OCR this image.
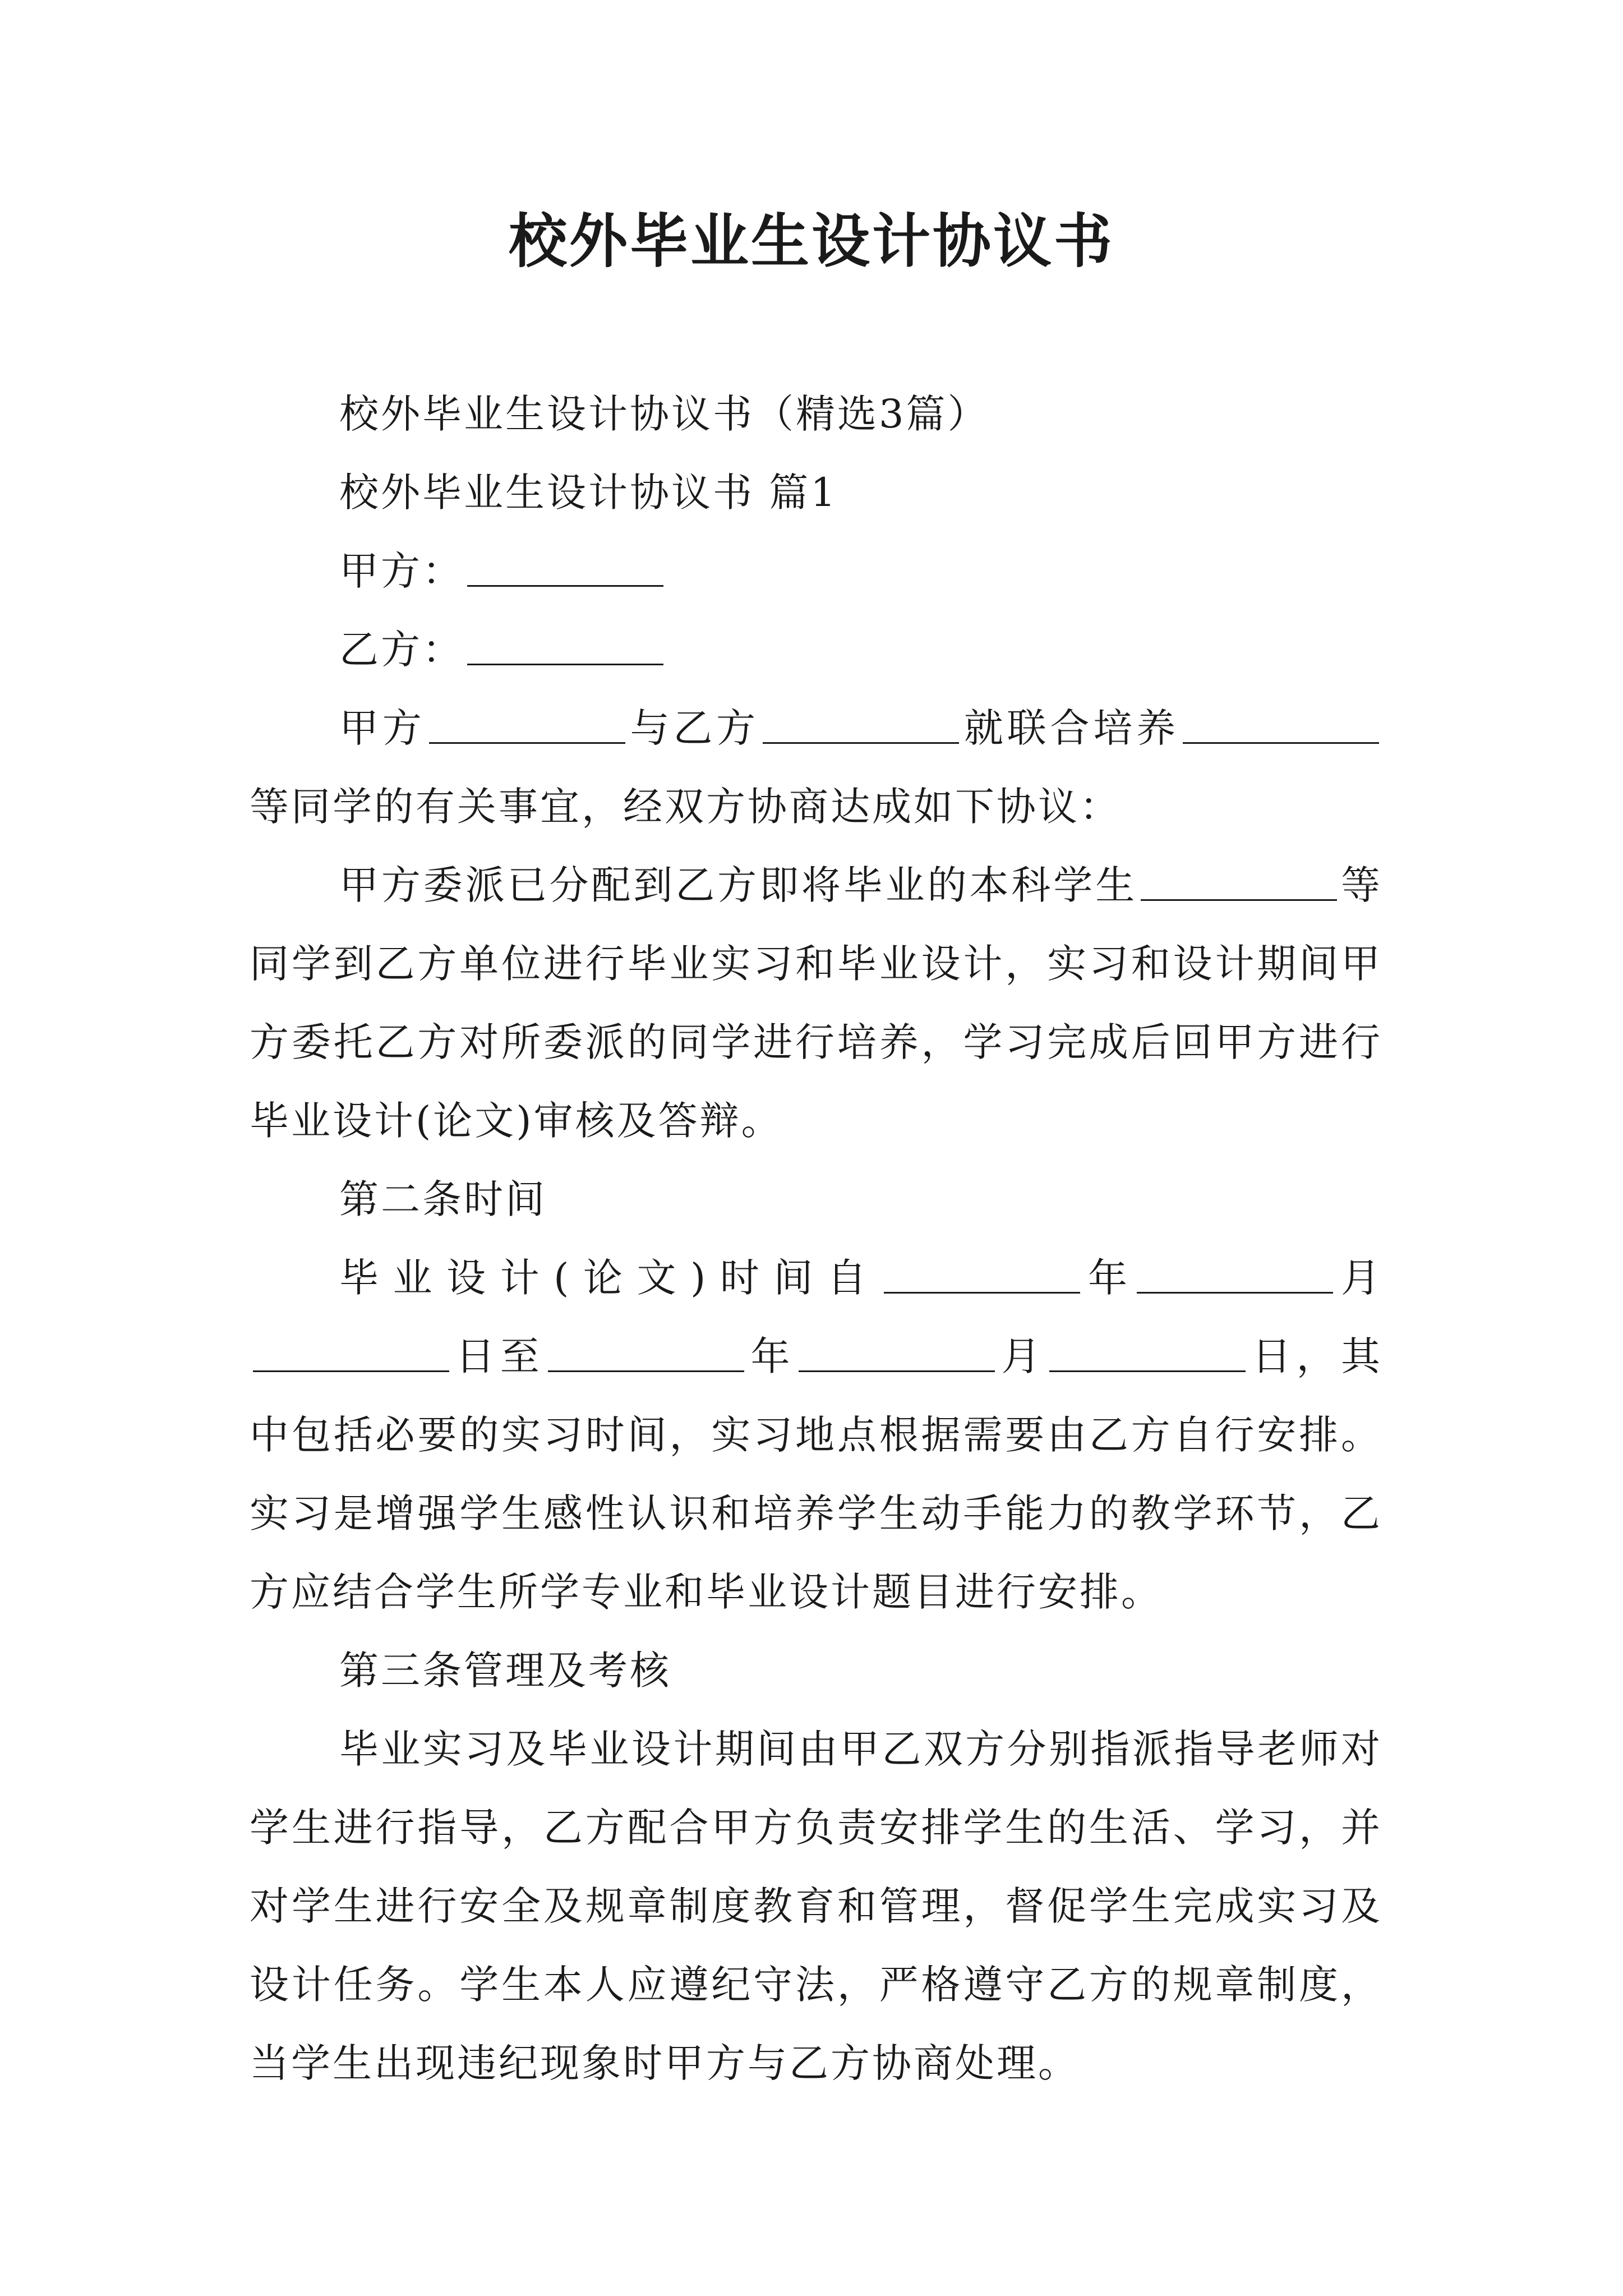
校外毕业生设计协议书

校外毕业生设计协议书（精选3篇）

校外毕业生设计协议书 篇1

甲方：

乙方：

甲方	与乙方	就联合培养等同学的有关事宜，经双方协商达成如下协议：

甲方委派已分配到乙方即将毕业的本科学生	等同学到乙方单位进行毕业实习和毕业设计，实习和设计期间甲方委托乙方对所委派的同学进行培养，学习完成后回甲方进行毕业设计(论文)审核及答辩。

第二条时间

毕业设计(论文)时间自	年	月日至	年	月	日，其中包括必要的实习时间，实习地点根据需要由乙方自行安排。实习是增强学生感性认识和培养学生动手能力的教学环节，乙方应结合学生所学专业和毕业设计题目进行安排。

第三条管理及考核

毕业实习及毕业设计期间由甲乙双方分别指派指导老师对学生进行指导，乙方配合甲方负责安排学生的生活、学习，并对学生进行安全及规章制度教育和管理，督促学生完成实习及设计任务。学生本人应遵纪守法，严格遵守乙方的规章制度，当学生出现违纪现象时甲方与乙方协商处理。
